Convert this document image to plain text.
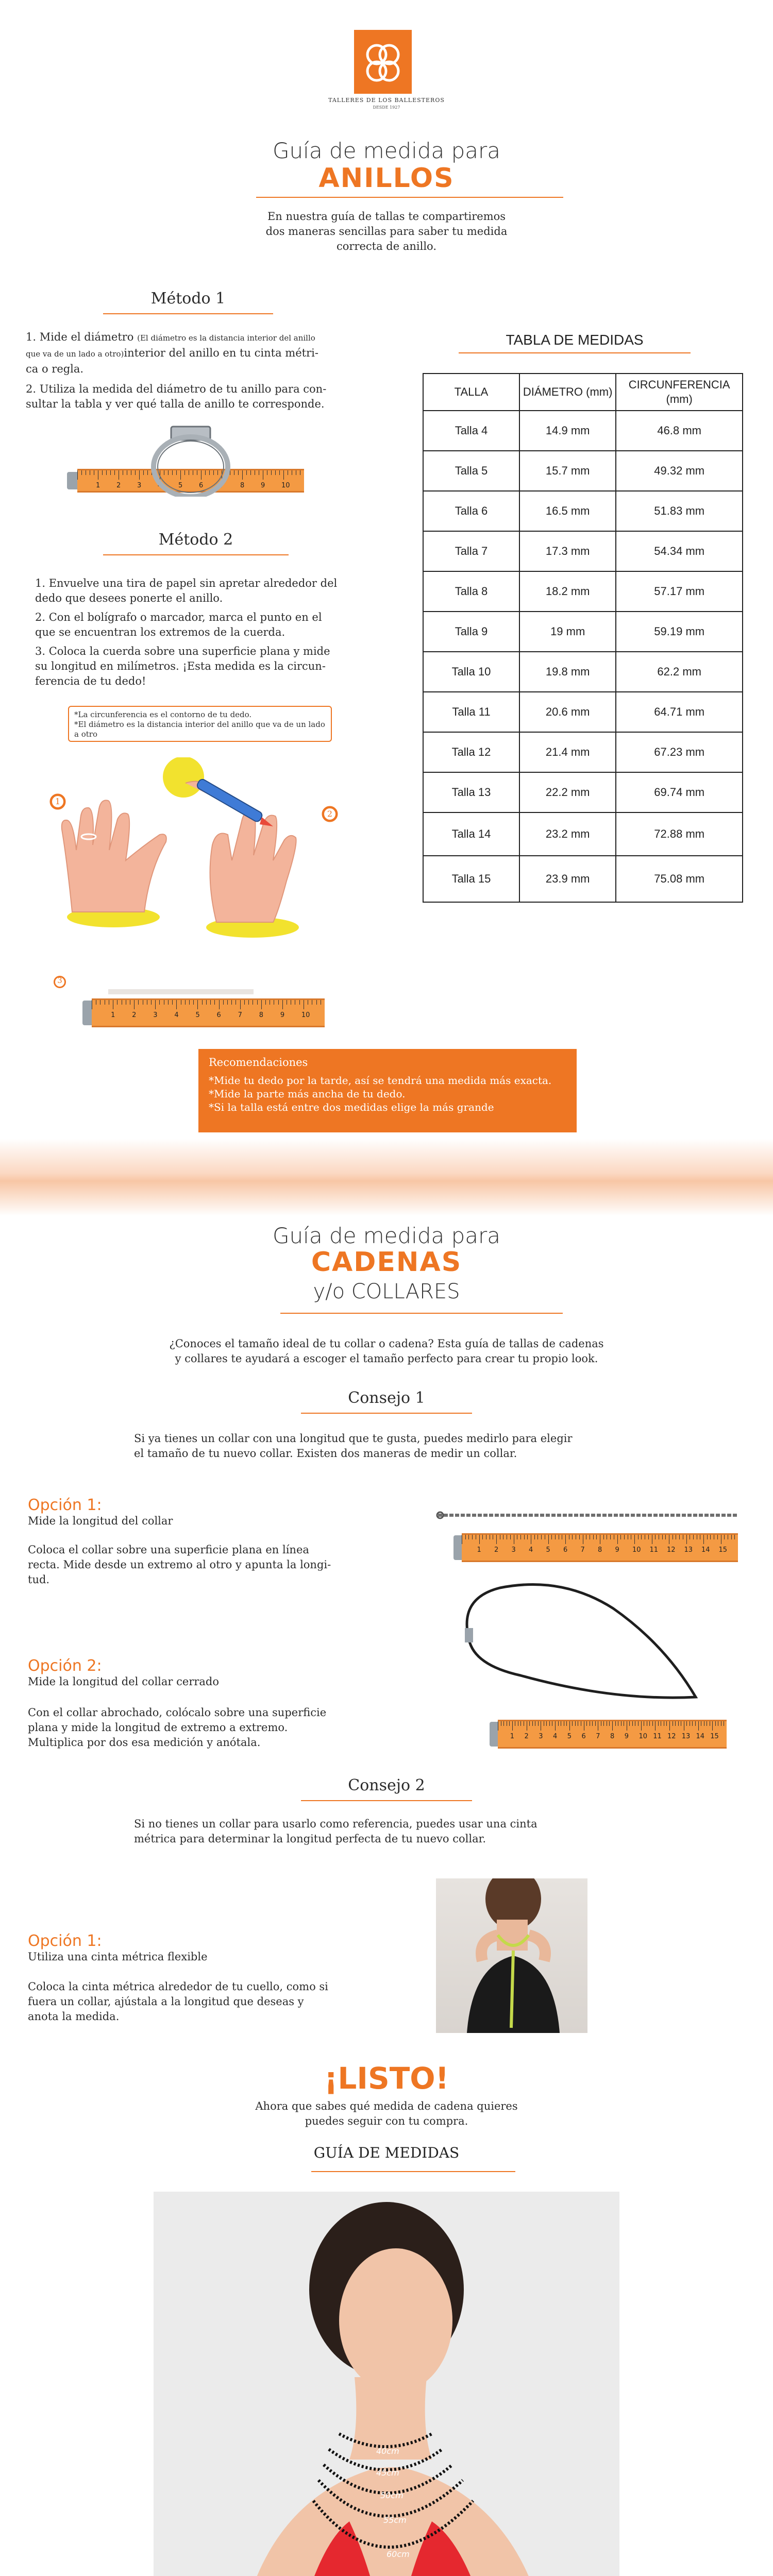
TALLERES DE LOS BALLESTEROS
DESDE 1927
Guía de medida para
ANILLOS
En nuestra guía de tallas te compartiremos
dos maneras sencillas para saber tu medida
correcta de anillo.
Método 1
1. Mide el diámetro (El diámetro es la distancia interior del anillo
que va de un lado a otro)interior del anillo en tu cinta métri-
ca o regla.
2. Utiliza la medida del diámetro de tu anillo para con-
sultar la tabla y ver qué talla de anillo te corresponde.
1 2 3 4 5 6 7 8 9 10
Método 2
1. Envuelve una tira de papel sin apretar alrededor del
dedo que desees ponerte el anillo.
2. Con el bolígrafo o marcador, marca el punto en el
que se encuentran los extremos de la cuerda.
3. Coloca la cuerda sobre una superficie plana y mide
su longitud en milímetros. ¡Esta medida es la circun-
ferencia de tu dedo!
*La circunferencia es el contorno de tu dedo.
*El diámetro es la distancia interior del anillo que va de un lado
a otro
1	2	3	4	5	6	7	8	9	10
TABLA DE MEDIDAS
TALLA	DIÁMETRO (mm)	CIRCUNFERENCIA (mm)
Talla 4	14.9 mm	46.8 mm
Talla 5	15.7 mm	49.32 mm
Talla 6	16.5 mm	51.83 mm
Talla 7	17.3 mm	54.34 mm
Talla 8	18.2 mm	57.17 mm
Talla 9	19 mm	59.19 mm
Talla 10	19.8 mm	62.2 mm
Talla 11	20.6 mm	64.71 mm
Talla 12	21.4 mm	67.23 mm
Talla 13	22.2 mm	69.74 mm
Talla 14	23.2 mm	72.88 mm
Talla 15	23.9 mm	75.08 mm
Recomendaciones
*Mide tu dedo por la tarde, así se tendrá una medida más exacta.
*Mide la parte más ancha de tu dedo.
*Si la talla está entre dos medidas elige la más grande
Guía de medida para
CADENAS
y/o COLLARES
¿Conoces el tamaño ideal de tu collar o cadena? Esta guía de tallas de cadenas
y collares te ayudará a escoger el tamaño perfecto para crear tu propio look.
Consejo 1
Si ya tienes un collar con una longitud que te gusta, puedes medirlo para elegir
el tamaño de tu nuevo collar. Existen dos maneras de medir un collar.
Opción 1:
Mide la longitud del collar
Coloca el collar sobre una superficie plana en línea
recta. Mide desde un extremo al otro y apunta la longi-
tud.
Opción 2:
Mide la longitud del collar cerrado
Con el collar abrochado, colócalo sobre una superficie
plana y mide la longitud de extremo a extremo.
Multiplica por dos esa medición y anótala.
1 2 3 4 5 6 7 8 9 10 11 12 13 14 15
1 2 3 4 5 6 7 8 9 10 11 12 13 14 15
Consejo 2
Si no tienes un collar para usarlo como referencia, puedes usar una cinta
métrica para determinar la longitud perfecta de tu nuevo collar.
Opción 1:
Utiliza una cinta métrica flexible
Coloca la cinta métrica alrededor de tu cuello, como si
fuera un collar, ajústala a la longitud que deseas y
anota la medida.
¡LISTO!
Ahora que sabes qué medida de cadena quieres
puedes seguir con tu compra.
GUÍA DE MEDIDAS
40cm
45cm
50cm
55cm
60cm
1
2
3
